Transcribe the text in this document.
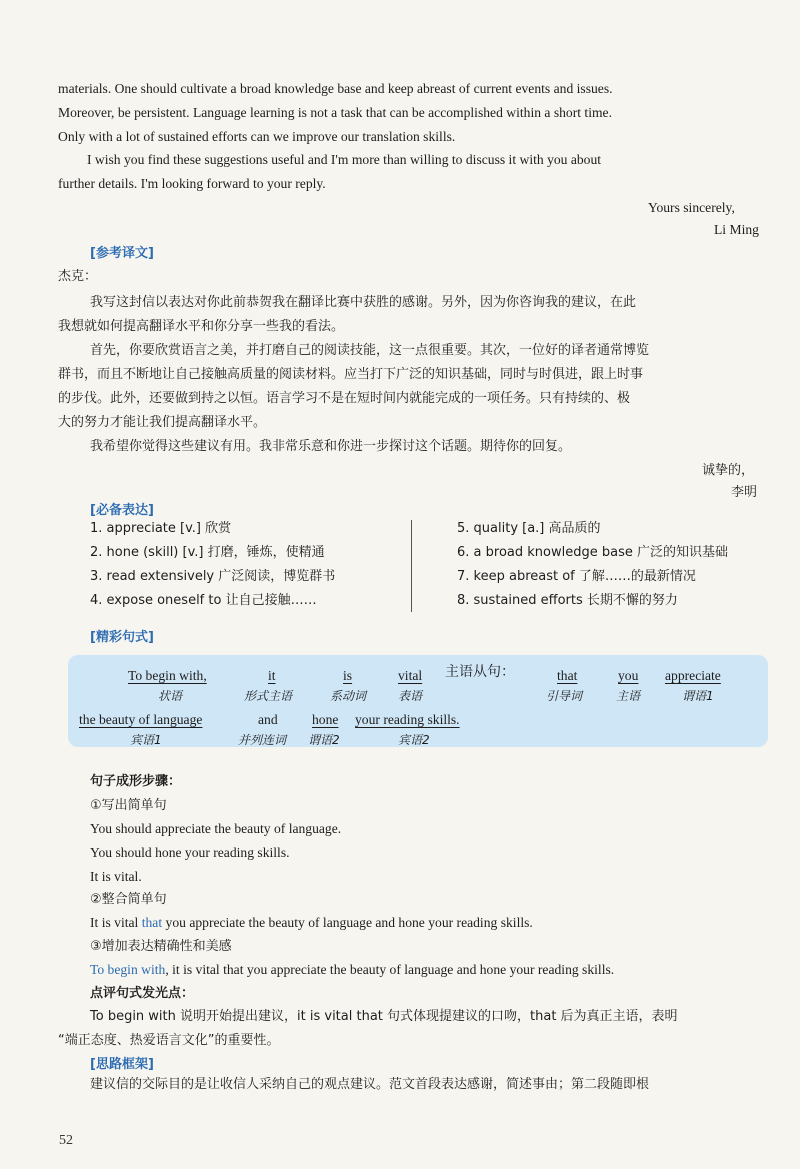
materials. One should cultivate a broad knowledge base and keep abreast of current events and issues.
Moreover, be persistent. Language learning is not a task that can be accomplished within a short time.
Only with a lot of sustained efforts can we improve our translation skills.
I wish you find these suggestions useful and I'm more than willing to discuss it with you about
further details. I'm looking forward to your reply.
Yours sincerely,
Li Ming
[参考译文]
杰克：
我写这封信以表达对你此前恭贺我在翻译比赛中获胜的感谢。另外，因为你咨询我的建议，在此
我想就如何提高翻译水平和你分享一些我的看法。
首先，你要欣赏语言之美，并打磨自己的阅读技能，这一点很重要。其次，一位好的译者通常博览
群书，而且不断地让自己接触高质量的阅读材料。应当打下广泛的知识基础，同时与时俱进，跟上时事
的步伐。此外，还要做到持之以恒。语言学习不是在短时间内就能完成的一项任务。只有持续的、极
大的努力才能让我们提高翻译水平。
我希望你觉得这些建议有用。我非常乐意和你进一步探讨这个话题。期待你的回复。
诚挚的，
李明
[必备表达]
1. appreciate [v.] 欣赏
2. hone (skill) [v.] 打磨，锤炼，使精通
3. read extensively 广泛阅读，博览群书
4. expose oneself to 让自己接触……
5. quality [a.] 高品质的
6. a broad knowledge base 广泛的知识基础
7. keep abreast of 了解……的最新情况
8. sustained efforts 长期不懈的努力
[精彩句式]
To begin with,
状语
it
形式主语
is
系动词
vital
表语
主语从句：	that
引导词
you
主语
appreciate
谓语1
the beauty of language
宾语1
and
并列连词
hone
谓语2
your reading skills.
宾语2
句子成形步骤：
①写出简单句
You should appreciate the beauty of language.
You should hone your reading skills.
It is vital.
②整合简单句
It is vital that you appreciate the beauty of language and hone your reading skills.
③增加表达精确性和美感
To begin with, it is vital that you appreciate the beauty of language and hone your reading skills.
点评句式发光点：
To begin with 说明开始提出建议，it is vital that 句式体现提建议的口吻，that 后为真正主语，表明
“端正态度、热爱语言文化”的重要性。
[思路框架]
建议信的交际目的是让收信人采纳自己的观点建议。范文首段表达感谢，简述事由；第二段随即根
52
